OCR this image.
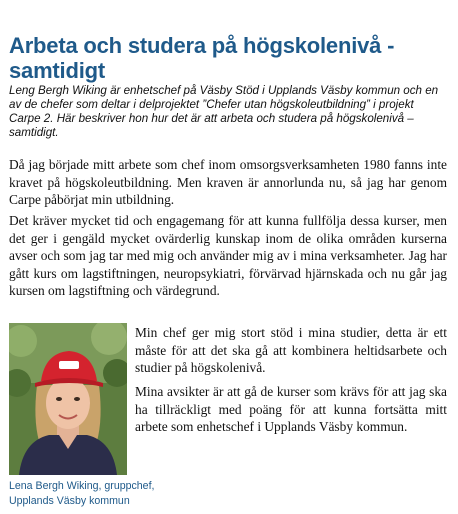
Arbeta och studera på högskolenivå - samtidigt

Leng Bergh Wiking är enhetschef på Väsby Stöd i Upplands Väsby kommun och en av de chefer som deltar i delprojektet ”Chefer utan högskoleutbildning” i projekt Carpe 2. Här beskriver hon hur det är att arbeta och studera på högskolenivå – samtidigt.

Då jag började mitt arbete som chef inom omsorgsverksamheten 1980 fanns inte kravet på högskoleutbildning. Men kraven är annorlunda nu, så jag har genom Carpe påbörjat min utbildning.

Det kräver mycket tid och engagemang för att kunna fullfölja dessa kurser, men det ger i gengäld mycket ovärderlig kunskap inom de olika områden kurserna avser och som jag tar med mig och använder mig av i mina verksamheter. Jag har gått kurs om lagstiftningen, neuropsykiatri, förvärvad hjärnskada och nu går jag kursen om lagstiftning och värdegrund.

Min chef ger mig stort stöd i mina studier, detta är ett måste för att det ska gå att kombinera heltidsarbete och studier på högskolenivå.

Mina avsikter är att gå de kurser som krävs för att jag ska ha tillräckligt med poäng för att kunna fortsätta mitt arbete som enhetschef i Upplands Väsby kommun.

Lena Bergh Wiking, gruppchef,
Upplands Väsby kommun
